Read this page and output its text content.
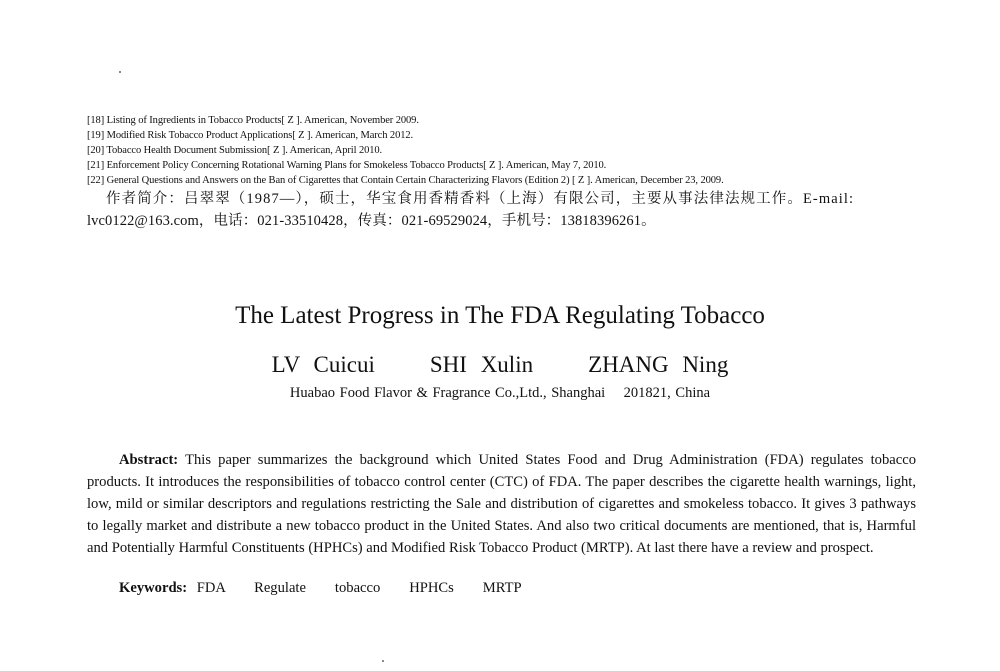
[18] Listing of Ingredients in Tobacco Products[ Z ]. American, November 2009.
[19] Modified Risk Tobacco Product Applications[ Z ]. American, March 2012.
[20] Tobacco Health Document Submission[ Z ]. American, April 2010.
[21] Enforcement Policy Concerning Rotational Warning Plans for Smokeless Tobacco Products[ Z ]. American, May 7, 2010.
[22] General Questions and Answers on the Ban of Cigarettes that Contain Certain Characterizing Flavors (Edition 2) [ Z ]. American, December 23, 2009.
作者简介：吕翠翠（1987—），硕士，华宝食用香精香料（上海）有限公司，主要从事法律法规工作。E-mail:
lvc0122@163.com，电话：021-33510428，传真：021-69529024，手机号：13818396261。
The Latest Progress in The FDA Regulating Tobacco
LV Cuicui    SHI Xulin    ZHANG Ning
Huabao Food Flavor & Fragrance Co.,Ltd., Shanghai    201821, China
Abstract: This paper summarizes the background which United States Food and Drug Administration (FDA) regulates tobacco products. It introduces the responsibilities of tobacco control center (CTC) of FDA. The paper describes the cigarette health warnings, light, low, mild or similar descriptors and regulations restricting the Sale and distribution of cigarettes and smokeless tobacco. It gives 3 pathways to legally market and distribute a new tobacco product in the United States. And also two critical documents are mentioned, that is, Harmful and Potentially Harmful Constituents (HPHCs) and Modified Risk Tobacco Product (MRTP). At last there have a review and prospect.
Keywords: FDA   Regulate   tobacco   HPHCs   MRTP
